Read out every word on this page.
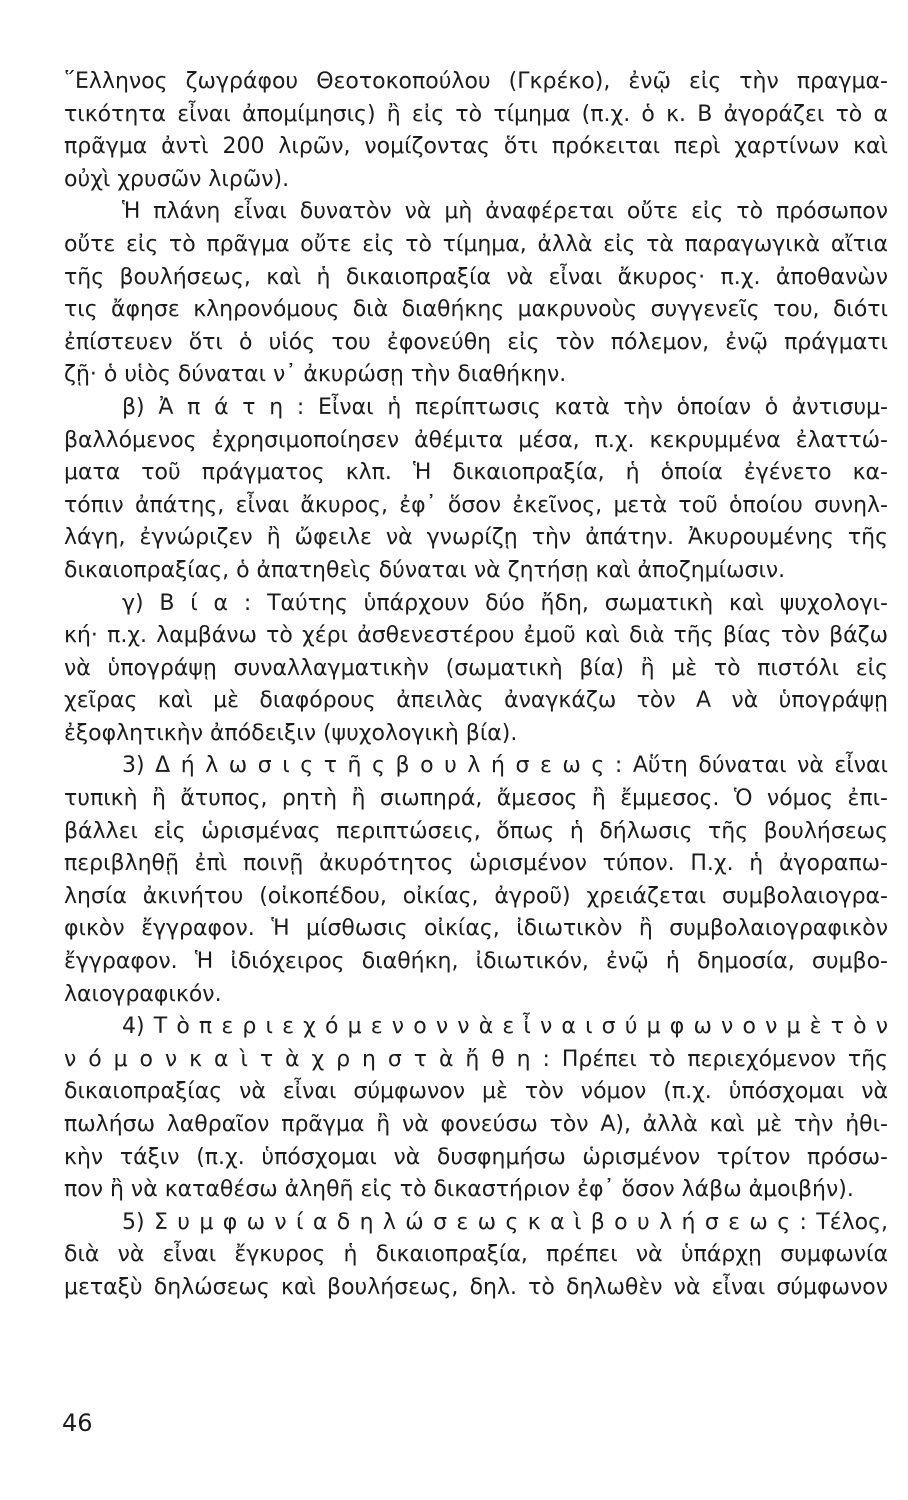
῞Ελληνος ζωγράφου Θεοτοκοπούλου (Γκρέκο), ἐνῷ εἰς τὴν πραγμα-
τικότητα εἶναι ἀπομίμησις) ἢ εἰς τὸ τίμημα (π.χ. ὁ κ. Β ἀγοράζει τὸ α
πρᾶγμα ἀντὶ 200 λιρῶν, νομίζοντας ὅτι πρόκειται περὶ χαρτίνων καὶ
οὐχὶ χρυσῶν λιρῶν).
Ἡ πλάνη εἶναι δυνατὸν νὰ μὴ ἀναφέρεται οὔτε εἰς τὸ πρόσωπον
οὔτε εἰς τὸ πρᾶγμα οὔτε εἰς τὸ τίμημα, ἀλλὰ εἰς τὰ παραγωγικὰ αἴτια
τῆς βουλήσεως, καὶ ἡ δικαιοπραξία νὰ εἶναι ἄκυρος· π.χ. ἀποθανὼν
τις ἄφησε κληρονόμους διὰ διαθήκης μακρυνοὺς συγγενεῖς του, διότι
ἐπίστευεν ὅτι ὁ υἱός του ἐφονεύθη εἰς τὸν πόλεμον, ἐνῷ πράγματι
ζῇ· ὁ υἱὸς δύναται ν᾽ ἀκυρώσῃ τὴν διαθήκην.
β) Ἀ π ά τ η : Εἶναι ἡ περίπτωσις κατὰ τὴν ὁποίαν ὁ ἀντισυμ-
βαλλόμενος ἐχρησιμοποίησεν ἀθέμιτα μέσα, π.χ. κεκρυμμένα ἐλαττώ-
ματα τοῦ πράγματος κλπ. Ἡ δικαιοπραξία, ἡ ὁποία ἐγένετο κα-
τόπιν ἀπάτης, εἶναι ἄκυρος, ἐφ᾽ ὅσον ἐκεῖνος, μετὰ τοῦ ὁποίου συνηλ-
λάγη, ἐγνώριζεν ἢ ὤφειλε νὰ γνωρίζῃ τὴν ἀπάτην. Ἀκυρουμένης τῆς
δικαιοπραξίας, ὁ ἀπατηθεὶς δύναται νὰ ζητήσῃ καὶ ἀποζημίωσιν.
γ) Β ί α : Ταύτης ὑπάρχουν δύο ἤδη, σωματικὴ καὶ ψυχολογι-
κή· π.χ. λαμβάνω τὸ χέρι ἀσθενεστέρου ἐμοῦ καὶ διὰ τῆς βίας τὸν βάζω
νὰ ὑπογράψῃ συναλλαγματικὴν (σωματικὴ βία) ἢ μὲ τὸ πιστόλι εἰς
χεῖρας καὶ μὲ διαφόρους ἀπειλὰς ἀναγκάζω τὸν Α νὰ ὑπογράψῃ
ἐξοφλητικὴν ἀπόδειξιν (ψυχολογικὴ βία).
3) Δ ή λ ω σ ι ς τ ῆ ς β ο υ λ ή σ ε ω ς : Αὕτη δύναται νὰ εἶναι
τυπικὴ ἢ ἄτυπος, ρητὴ ἢ σιωπηρά, ἄμεσος ἢ ἔμμεσος. Ὁ νόμος ἐπι-
βάλλει εἰς ὡρισμένας περιπτώσεις, ὅπως ἡ δήλωσις τῆς βουλήσεως
περιβληθῇ ἐπὶ ποινῇ ἀκυρότητος ὡρισμένον τύπον. Π.χ. ἡ ἀγοραπω-
λησία ἀκινήτου (οἰκοπέδου, οἰκίας, ἀγροῦ) χρειάζεται συμβολαιογρα-
φικὸν ἔγγραφον. Ἡ μίσθωσις οἰκίας, ἰδιωτικὸν ἢ συμβολαιογραφικὸν
ἔγγραφον. Ἡ ἰδιόχειρος διαθήκη, ἰδιωτικόν, ἐνῷ ἡ δημοσία, συμβο-
λαιογραφικόν.
4) Τ ὸ π ε ρ ι ε χ ό μ ε ν ο ν ν ὰ ε ἶ ν α ι σ ύ μ φ ω ν ο ν μ ὲ τ ὸ ν
ν ό μ ο ν κ α ὶ τ ὰ χ ρ η σ τ ὰ ἤ θ η : Πρέπει τὸ περιεχόμενον τῆς
δικαιοπραξίας νὰ εἶναι σύμφωνον μὲ τὸν νόμον (π.χ. ὑπόσχομαι νὰ
πωλήσω λαθραῖον πρᾶγμα ἢ νὰ φονεύσω τὸν Α), ἀλλὰ καὶ μὲ τὴν ἠθι-
κὴν τάξιν (π.χ. ὑπόσχομαι νὰ δυσφημήσω ὡρισμένον τρίτον πρόσω-
πον ἢ νὰ καταθέσω ἀληθῆ εἰς τὸ δικαστήριον ἐφ᾽ ὅσον λάβω ἀμοιβήν).
5) Σ υ μ φ ω ν ί α δ η λ ώ σ ε ω ς κ α ὶ β ο υ λ ή σ ε ω ς : Τέλος,
διὰ νὰ εἶναι ἔγκυρος ἡ δικαιοπραξία, πρέπει νὰ ὑπάρχῃ συμφωνία
μεταξὺ δηλώσεως καὶ βουλήσεως, δηλ. τὸ δηλωθὲν νὰ εἶναι σύμφωνον
46
